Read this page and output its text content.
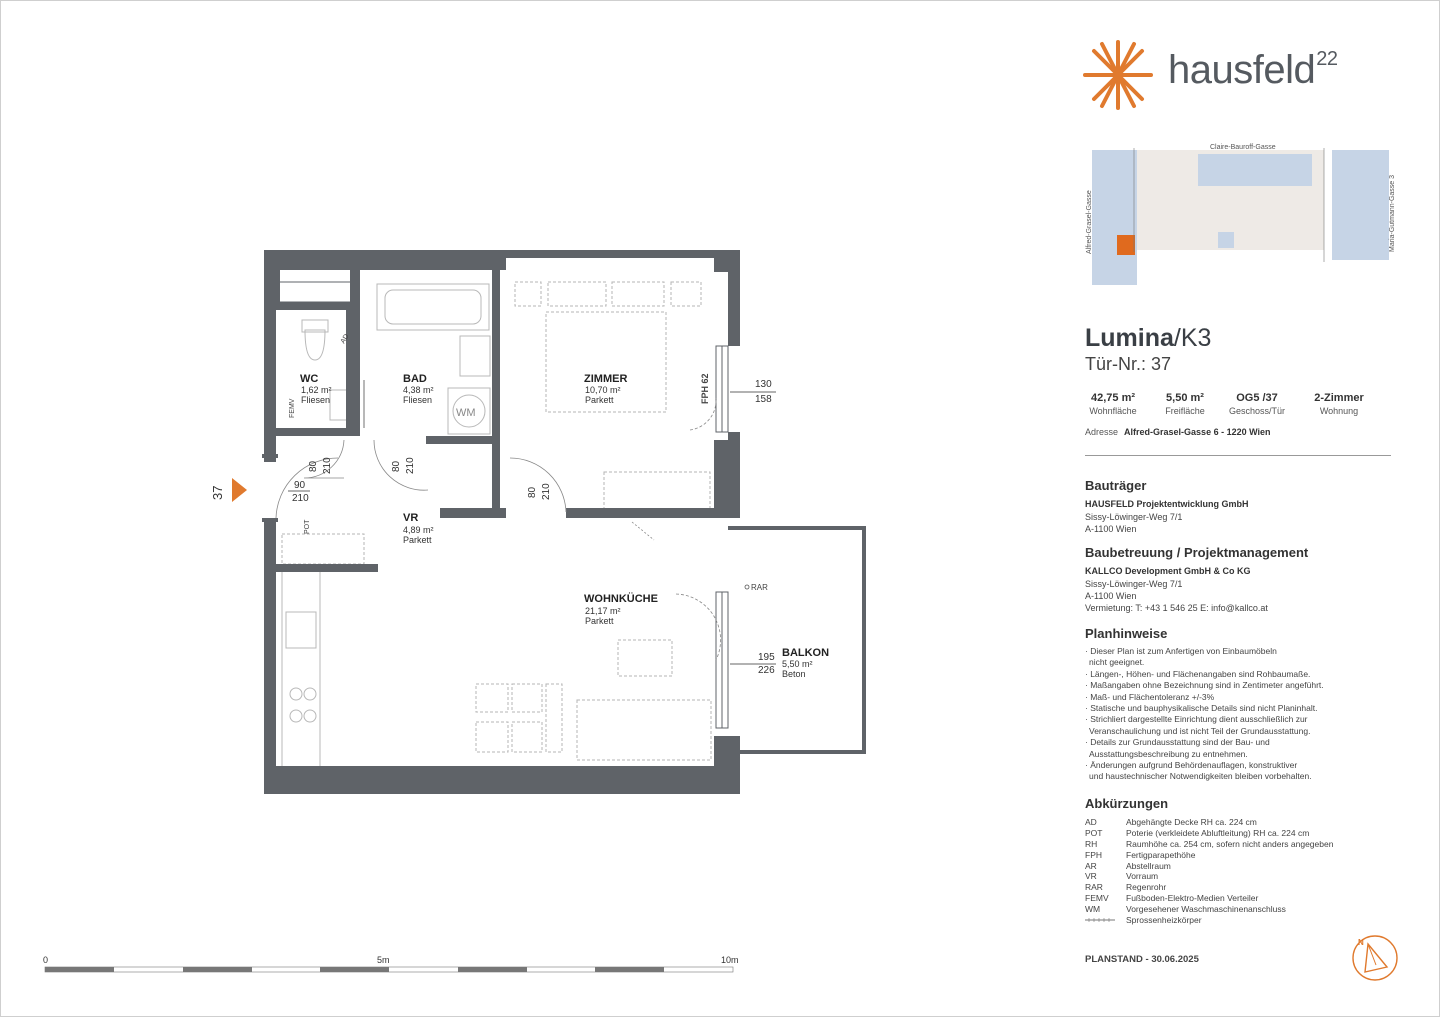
WC
1,62 m²
Fliesen
BAD
4,38 m²
Fliesen
ZIMMER
10,70 m²
Parkett
VR
4,89 m²
Parkett
WOHNKÜCHE
21,17 m²
Parkett
BALKON
5,50 m²
Beton
80 210	80 210
80 210
90
210
130
158
195
226
FPH 62
WM
AD
FEMV
POT
RAR
37
0	5m	10m
hausfeld$^{22}$
Claire-Bauroff-Gasse
Alfred-Grasel-Gasse	Maria-Gutmann-Gasse 3
Lumina/K3
Tür-Nr.: 37
42,75 m²
Wohnfläche
5,50 m²
Freifläche
OG5 /37
Geschoss/Tür
2-Zimmer
Wohnung
Adresse Alfred-Grasel-Gasse 6 - 1220 Wien
Bauträger
HAUSFELD Projektentwicklung GmbH
Sissy-Löwinger-Weg 7/1
A-1100 Wien
Baubetreuung / Projektmanagement
KALLCO Development GmbH & Co KG
Sissy-Löwinger-Weg 7/1
A-1100 Wien
Vermietung: T: +43 1 546 25 E: info@kallco.at
Planhinweise
· Dieser Plan ist zum Anfertigen von Einbaumöbeln
nicht geeignet.
· Längen-, Höhen- und Flächenangaben sind Rohbaumaße.
· Maßangaben ohne Bezeichnung sind in Zentimeter angeführt.
· Maß- und Flächentoleranz +/-3%
· Statische und bauphysikalische Details sind nicht Planinhalt.
· Strichliert dargestellte Einrichtung dient ausschließlich zur
Veranschaulichung und ist nicht Teil der Grundausstattung.
· Details zur Grundausstattung sind der Bau- und
Ausstattungsbeschreibung zu entnehmen.
· Änderungen aufgrund Behördenauflagen, konstruktiver
und haustechnischer Notwendigkeiten bleiben vorbehalten.
Abkürzungen
AD	Abgehängte Decke RH ca. 224 cm
POT	Poterie (verkleidete Abluftleitung) RH ca. 224 cm
RH	Raumhöhe ca. 254 cm, sofern nicht anders angegeben
FPH	Fertigparapethöhe
AR	Abstellraum
VR	Vorraum
RAR	Regenrohr
FEMV Fußboden-Elektro-Medien Verteiler
WM	Vorgesehener Waschmaschinenanschluss
Sprossenheizkörper
PLANSTAND - 30.06.2025
N
